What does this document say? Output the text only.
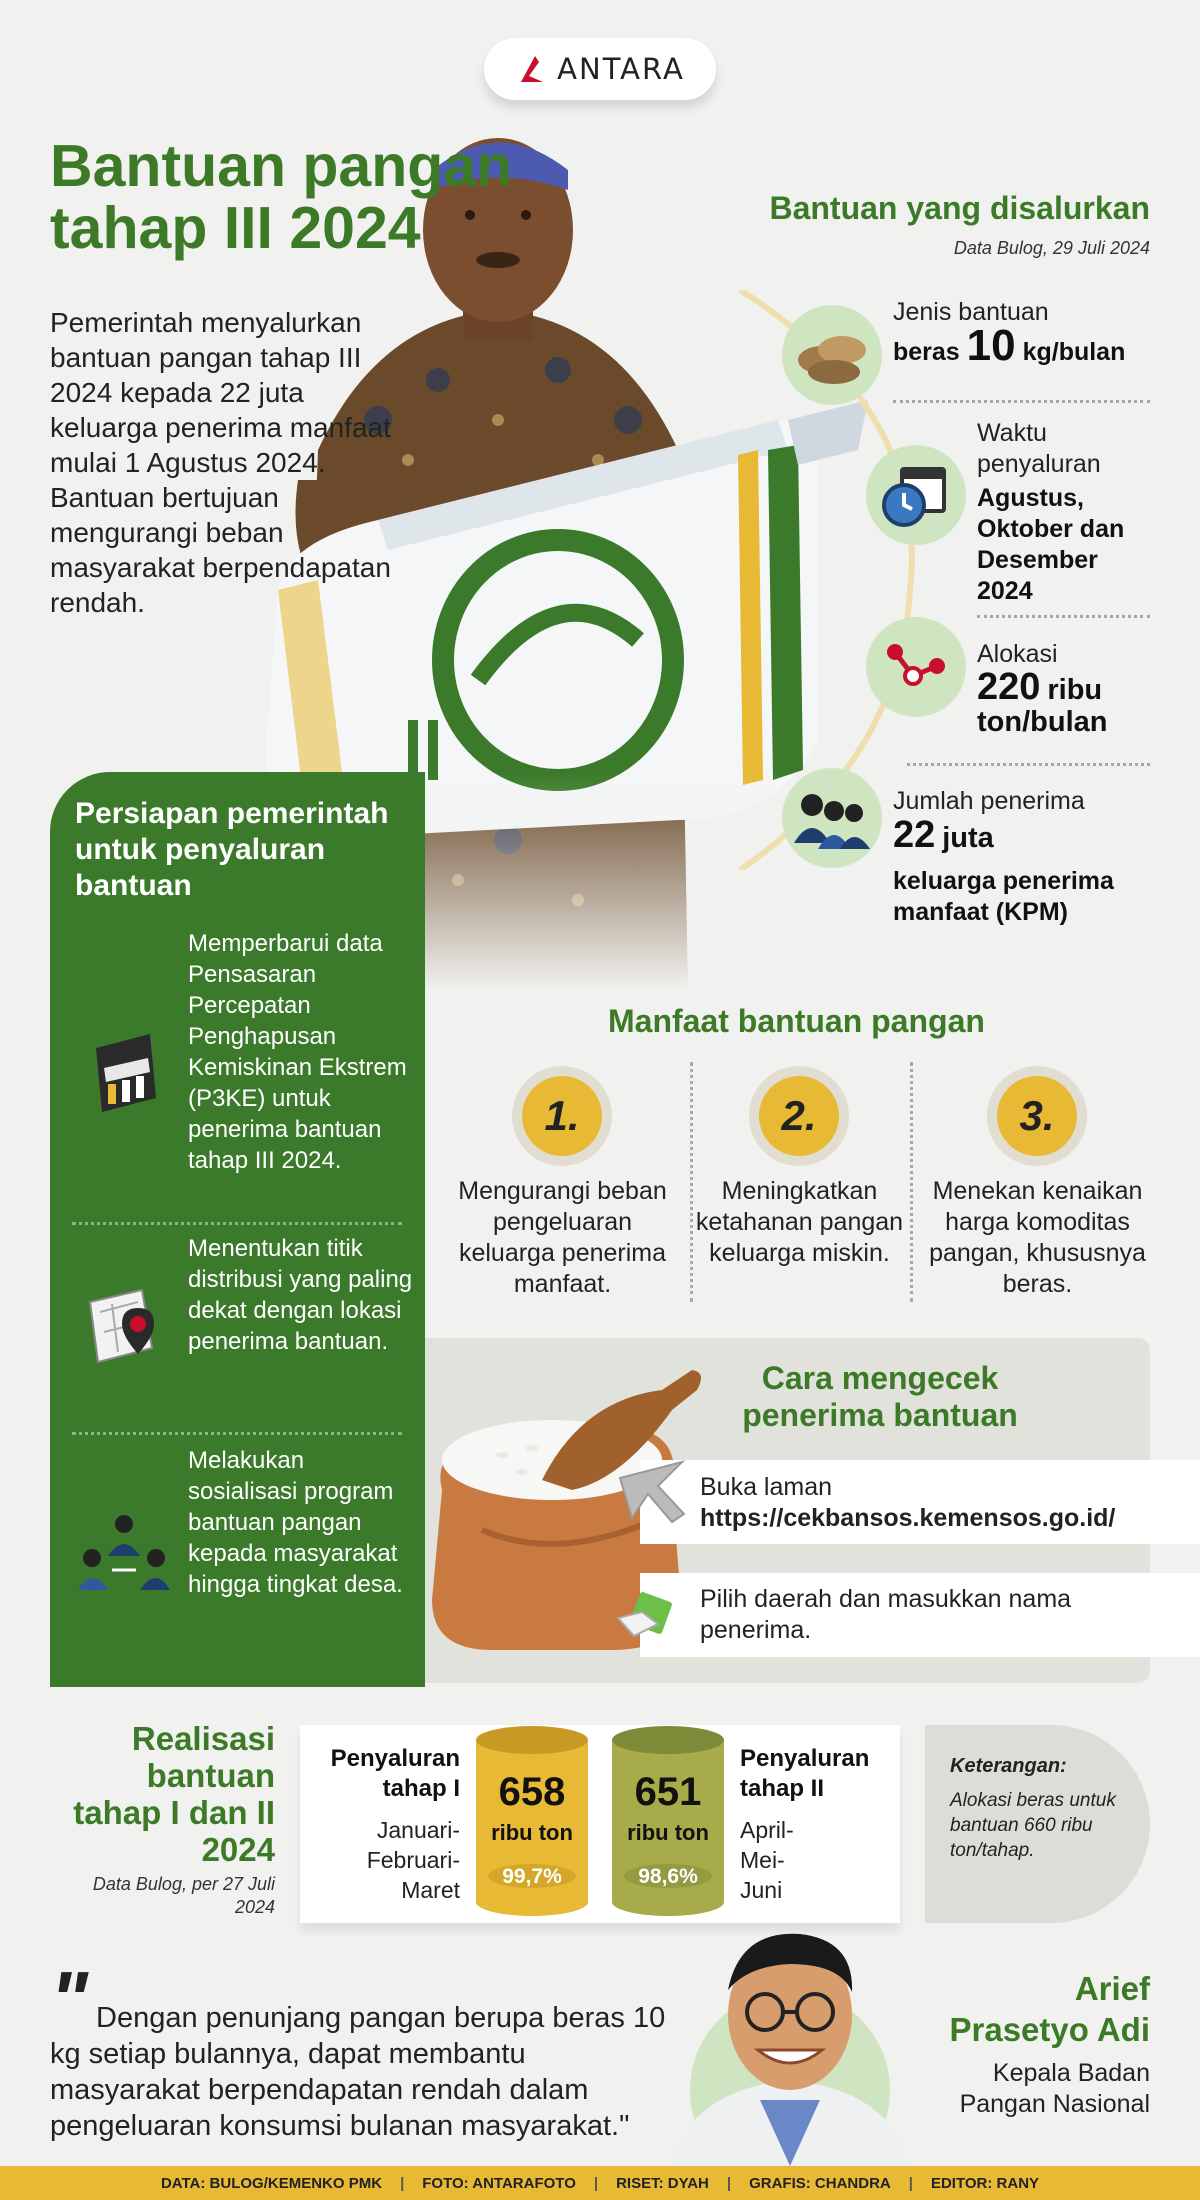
ANTARA
Bantuan pangan tahap III 2024
Pemerintah menyalurkan bantuan pangan tahap III 2024 kepada 22 juta keluarga penerima manfaat mulai 1 Agustus 2024. Bantuan bertujuan mengurangi beban masyarakat berpendapatan rendah.
Bantuan yang disalurkan
Data Bulog, 29 Juli 2024
Jenis bantuan
beras 10 kg/bulan
Waktu penyaluran
Agustus, Oktober dan Desember 2024
Alokasi
220 ribu ton/bulan
Jumlah penerima
22 juta
keluarga penerima manfaat (KPM)
Persiapan pemerintah untuk penyaluran bantuan
Memperbarui data Pensasaran Percepatan Penghapusan Kemiskinan Ekstrem (P3KE) untuk penerima bantuan tahap III 2024.
Menentukan titik distribusi yang paling dekat dengan lokasi penerima bantuan.
Melakukan sosialisasi program bantuan pangan kepada masyarakat hingga tingkat desa.
Manfaat bantuan pangan
1.
Mengurangi beban pengeluaran keluarga penerima manfaat.
2.
Meningkatkan ketahanan pangan keluarga miskin.
3.
Menekan kenaikan harga komoditas pangan, khususnya beras.
Cara mengecek penerima bantuan
Buka laman
https://cekbansos.kemensos.go.id/
Pilih daerah dan masukkan nama penerima.
Realisasi bantuan tahap I dan II 2024
Data Bulog, per 27 Juli 2024
Penyaluran tahap I
Januari-Februari-Maret
658
ribu ton
99,7%
651
ribu ton
98,6%
Penyaluran tahap II
April-Mei-Juni
Keterangan:
Alokasi beras untuk bantuan 660 ribu ton/tahap.
" Dengan penunjang pangan berupa beras 10 kg setiap bulannya, dapat membantu masyarakat berpendapatan rendah dalam pengeluaran konsumsi bulanan masyarakat."
Arief Prasetyo Adi
Kepala Badan Pangan Nasional
DATA: BULOG/KEMENKO PMK | FOTO: ANTARAFOTO | RISET: DYAH | GRAFIS: CHANDRA | EDITOR: RANY
